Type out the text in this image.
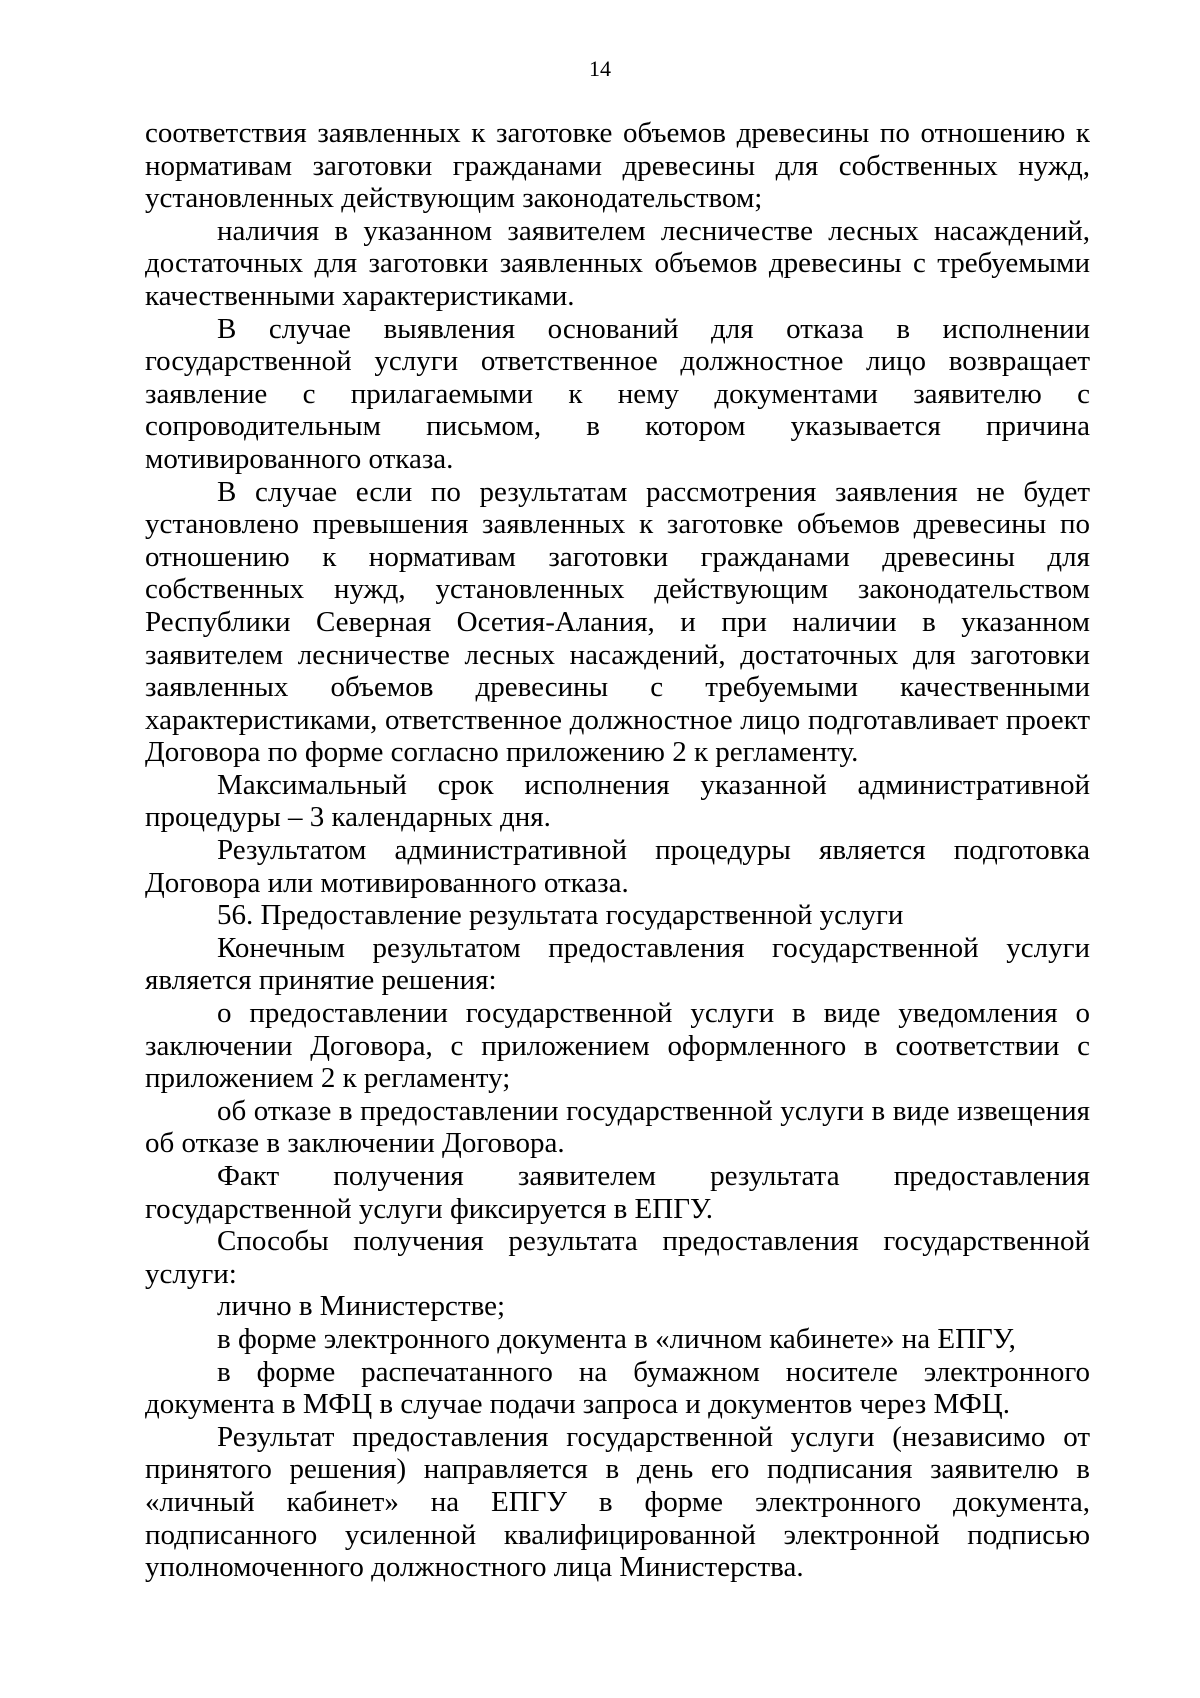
14

соответствия заявленных к заготовке объемов древесины по отношению к нормативам заготовки гражданами древесины для собственных нужд, установленных действующим законодательством;

наличия в указанном заявителем лесничестве лесных насаждений, достаточных для заготовки заявленных объемов древесины с требуемыми качественными характеристиками.

В случае выявления оснований для отказа в исполнении государственной услуги ответственное должностное лицо возвращает заявление с прилагаемыми к нему документами заявителю с сопроводительным письмом, в котором указывается причина мотивированного отказа.

В случае если по результатам рассмотрения заявления не будет установлено превышения заявленных к заготовке объемов древесины по отношению к нормативам заготовки гражданами древесины для собственных нужд, установленных действующим законодательством Республики Северная Осетия-Алания, и при наличии в указанном заявителем лесничестве лесных насаждений, достаточных для заготовки заявленных объемов древесины с требуемыми качественными характеристиками, ответственное должностное лицо подготавливает проект Договора по форме согласно приложению 2 к регламенту.

Максимальный срок исполнения указанной административной процедуры – 3 календарных дня.

Результатом административной процедуры является подготовка Договора или мотивированного отказа.

56. Предоставление результата государственной услуги

Конечным результатом предоставления государственной услуги является принятие решения:

о предоставлении государственной услуги в виде уведомления о заключении Договора, с приложением оформленного в соответствии с приложением 2 к регламенту;

об отказе в предоставлении государственной услуги в виде извещения об отказе в заключении Договора.

Факт получения заявителем результата предоставления государственной услуги фиксируется в ЕПГУ.

Способы получения результата предоставления государственной услуги:

лично в Министерстве;

в форме электронного документа в «личном кабинете» на ЕПГУ,

в форме распечатанного на бумажном носителе электронного документа в МФЦ в случае подачи запроса и документов через МФЦ.

Результат предоставления государственной услуги (независимо от принятого решения) направляется в день его подписания заявителю в «личный кабинет» на ЕПГУ в форме электронного документа, подписанного усиленной квалифицированной электронной подписью уполномоченного должностного лица Министерства.
